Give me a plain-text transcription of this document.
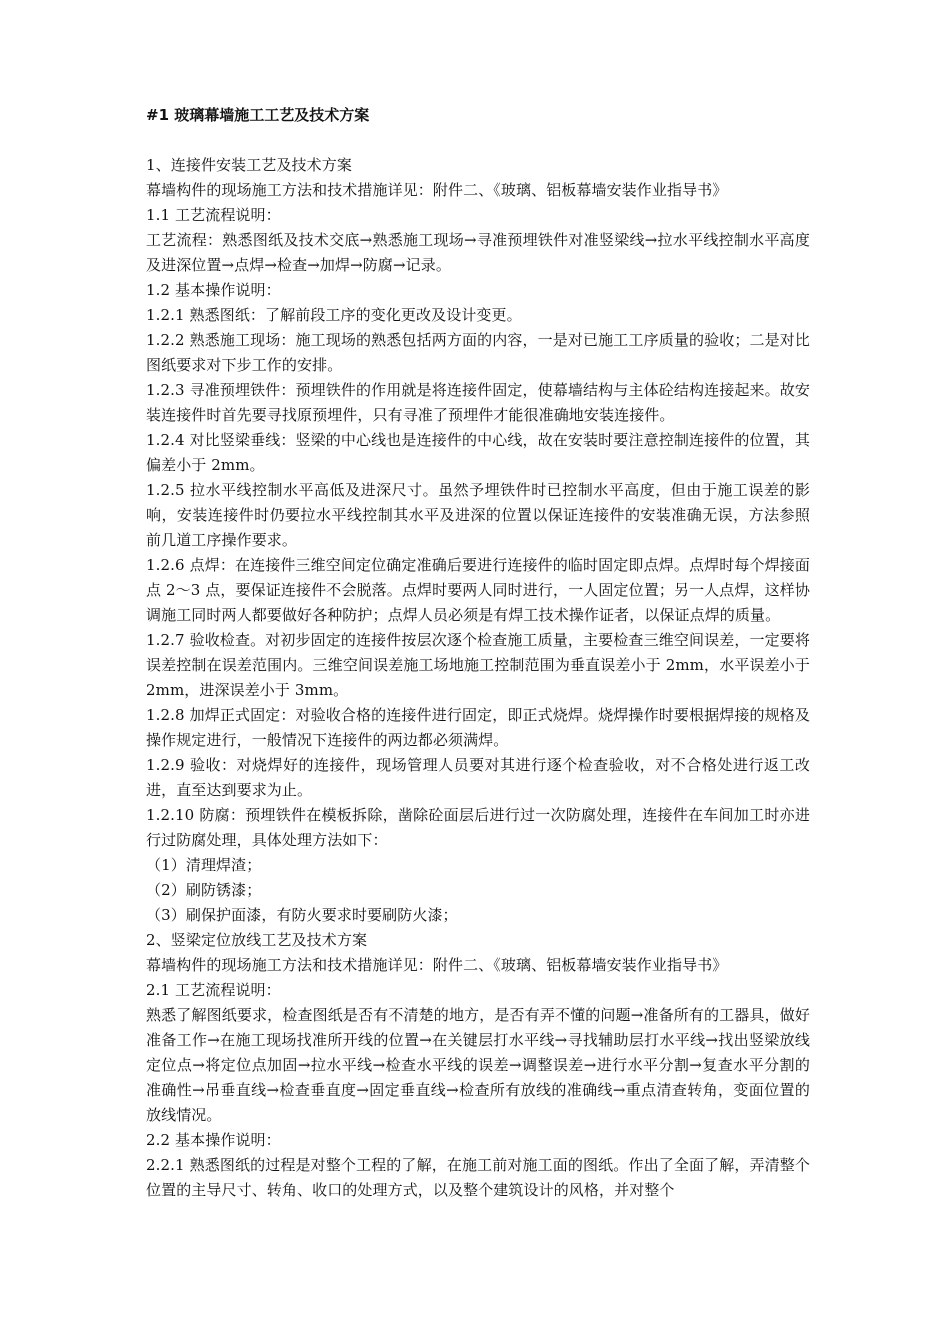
#1 玻璃幕墙施工工艺及技术方案

1、连接件安装工艺及技术方案

幕墙构件的现场施工方法和技术措施详见：附件二、《玻璃、铝板幕墙安装作业指导书》

1.1 工艺流程说明：

工艺流程：熟悉图纸及技术交底→熟悉施工现场→寻准预埋铁件对准竖梁线→拉水平线控制水平高度及进深位置→点焊→检查→加焊→防腐→记录。

1.2 基本操作说明：

1.2.1 熟悉图纸：了解前段工序的变化更改及设计变更。

1.2.2 熟悉施工现场：施工现场的熟悉包括两方面的内容，一是对已施工工序质量的验收；二是对比图纸要求对下步工作的安排。

1.2.3 寻准预埋铁件：预埋铁件的作用就是将连接件固定，使幕墙结构与主体砼结构连接起来。故安装连接件时首先要寻找原预埋件，只有寻准了预埋件才能很准确地安装连接件。

1.2.4 对比竖梁垂线：竖梁的中心线也是连接件的中心线，故在安装时要注意控制连接件的位置，其偏差小于 2mm。

1.2.5 拉水平线控制水平高低及进深尺寸。虽然予埋铁件时已控制水平高度，但由于施工误差的影响，安装连接件时仍要拉水平线控制其水平及进深的位置以保证连接件的安装准确无误，方法参照前几道工序操作要求。

1.2.6 点焊：在连接件三维空间定位确定准确后要进行连接件的临时固定即点焊。点焊时每个焊接面点 2～3 点，要保证连接件不会脱落。点焊时要两人同时进行，一人固定位置；另一人点焊，这样协调施工同时两人都要做好各种防护；点焊人员必须是有焊工技术操作证者，以保证点焊的质量。

1.2.7 验收检查。对初步固定的连接件按层次逐个检查施工质量，主要检查三维空间误差，一定要将误差控制在误差范围内。三维空间误差施工场地施工控制范围为垂直误差小于 2mm，水平误差小于 2mm，进深误差小于 3mm。

1.2.8 加焊正式固定：对验收合格的连接件进行固定，即正式烧焊。烧焊操作时要根据焊接的规格及操作规定进行，一般情况下连接件的两边都必须满焊。

1.2.9 验收：对烧焊好的连接件，现场管理人员要对其进行逐个检查验收，对不合格处进行返工改进，直至达到要求为止。

1.2.10 防腐：预埋铁件在模板拆除，凿除砼面层后进行过一次防腐处理，连接件在车间加工时亦进行过防腐处理，具体处理方法如下：

（1）清理焊渣；

（2）刷防锈漆；

（3）刷保护面漆，有防火要求时要刷防火漆；

2、竖梁定位放线工艺及技术方案

幕墙构件的现场施工方法和技术措施详见：附件二、《玻璃、铝板幕墙安装作业指导书》

2.1 工艺流程说明：

熟悉了解图纸要求，检查图纸是否有不清楚的地方，是否有弄不懂的问题→准备所有的工器具，做好准备工作→在施工现场找准所开线的位置→在关键层打水平线→寻找辅助层打水平线→找出竖梁放线定位点→将定位点加固→拉水平线→检查水平线的误差→调整误差→进行水平分割→复查水平分割的准确性→吊垂直线→检查垂直度→固定垂直线→检查所有放线的准确线→重点清查转角，变面位置的放线情况。

2.2 基本操作说明：

2.2.1 熟悉图纸的过程是对整个工程的了解，在施工前对施工面的图纸。作出了全面了解，弄清整个位置的主导尺寸、转角、收口的处理方式，以及整个建筑设计的风格，并对整个
